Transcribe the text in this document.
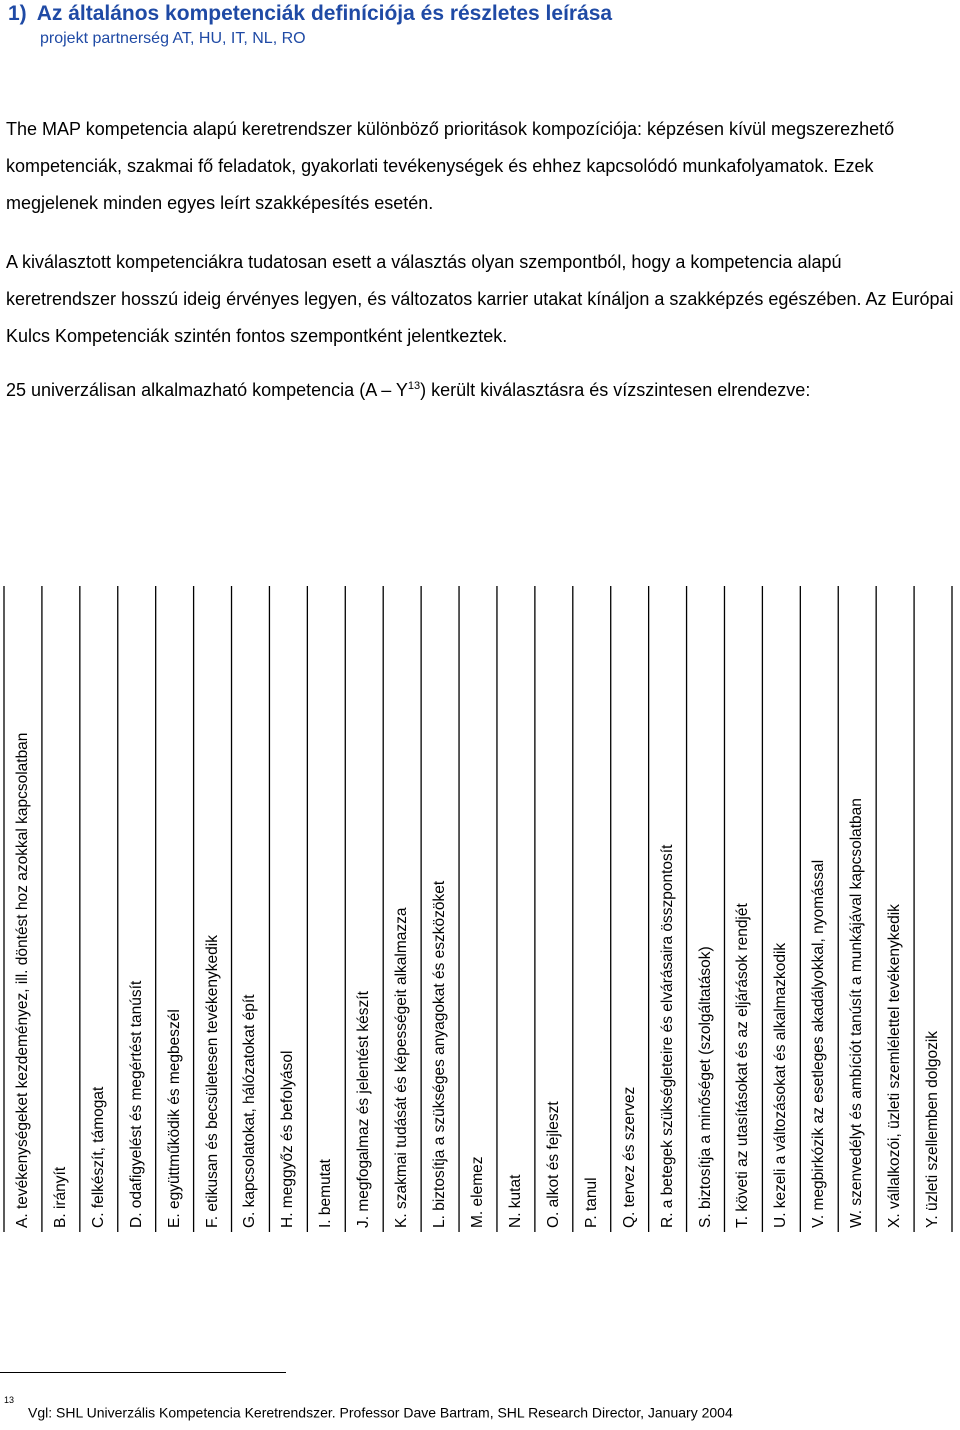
1) Az általános kompetenciák definíciója és részletes leírása
projekt partnerség AT, HU, IT, NL, RO

The MAP kompetencia alapú keretrendszer különböző prioritások kompozíciója: képzésen kívül megszerezhető kompetenciák, szakmai fő feladatok, gyakorlati tevékenységek és ehhez kapcsolódó munkafolyamatok. Ezek megjelenek minden egyes leírt szakképesítés esetén.

A kiválasztott kompetenciákra tudatosan esett a választás olyan szempontból, hogy a kompetencia alapú keretrendszer hosszú ideig érvényes legyen, és változatos karrier utakat kínáljon a szakképzés egészében. Az Európai Kulcs Kompetenciák szintén fontos szempontként jelentkeztek.

25 univerzálisan alkalmazható kompetencia $(A - Y^{13})$ került kiválasztásra és vízszintesen elrendezve:

A. tevékenységeket kezdeményez, ill. döntést hoz azokkal kapcsolatban B. irányít C. felkészít, támogat D. odafigyelést és megértést tanúsít E. együttműködik és megbeszél F. etikusan és becsületesen tevékenykedik G. kapcsolatokat, hálózatokat épít H. meggyőz és befolyásol I. bemutat J. megfogalmaz és jelentést készít K. szakmai tudását és képességeit alkalmazza L. biztosítja a szükséges anyagokat és eszközöket M. elemez N. kutat O. alkot és fejleszt P. tanul Q. tervez és szervez R. a betegek szükségleteire és elvárásaira összpontosít S. biztosítja a minőséget (szolgáltatások) T. követi az utasításokat és az eljárások rendjét U. kezeli a változásokat és alkalmazkodik V. megbirkózik az esetleges akadályokkal, nyomással W. szenvedélyt és ambíciót tanúsít a munkájával kapcsolatban X. vállalkozói, üzleti szemlélettel tevékenykedik Y. üzleti szellemben dolgozik
$^{13}$Vgl: SHL Univerzális Kompetencia Keretrendszer. Professor Dave Bartram, SHL Research Director, January 2004
